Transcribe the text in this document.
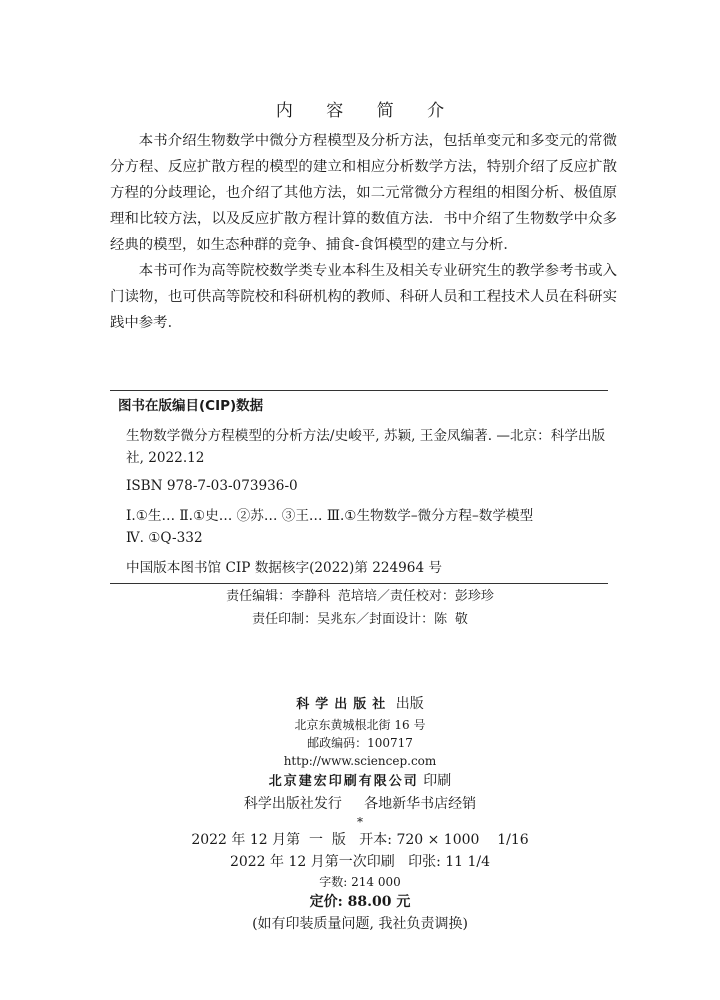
内 容 简 介

本书介绍生物数学中微分方程模型及分析方法，包括单变元和多变元的常微分方程、反应扩散方程的模型的建立和相应分析数学方法，特别介绍了反应扩散方程的分歧理论，也介绍了其他方法，如二元常微分方程组的相图分析、极值原理和比较方法，以及反应扩散方程计算的数值方法．书中介绍了生物数学中众多经典的模型，如生态种群的竞争、捕食-食饵模型的建立与分析．

本书可作为高等院校数学类专业本科生及相关专业研究生的教学参考书或入门读物，也可供高等院校和科研机构的教师、科研人员和工程技术人员在科研实践中参考．

图书在版编目(CIP)数据
生物数学微分方程模型的分析方法/史峻平, 苏颖, 王金凤编著. —北京：科学出版社, 2022.12
ISBN 978-7-03-073936-0
Ⅰ.①生… Ⅱ.①史… ②苏… ③王… Ⅲ.①生物数学–微分方程–数学模型
Ⅳ. ①Q-332
中国版本图书馆 CIP 数据核字(2022)第 224964 号
责任编辑：李静科 范培培／责任校对：彭珍珍
责任印制：吴兆东／封面设计：陈 敬
科学出版社 出版
北京东黄城根北街 16 号
邮政编码：100717
http://www.sciencep.com
北京建宏印刷有限公司 印刷
科学出版社发行     各地新华书店经销
*
2022 年 12 月第  一  版   开本: 720 × 1000    1/16
2022 年 12 月第一次印刷   印张: 11 1/4
字数: 214 000
定价: 88.00 元
(如有印装质量问题, 我社负责调换)
